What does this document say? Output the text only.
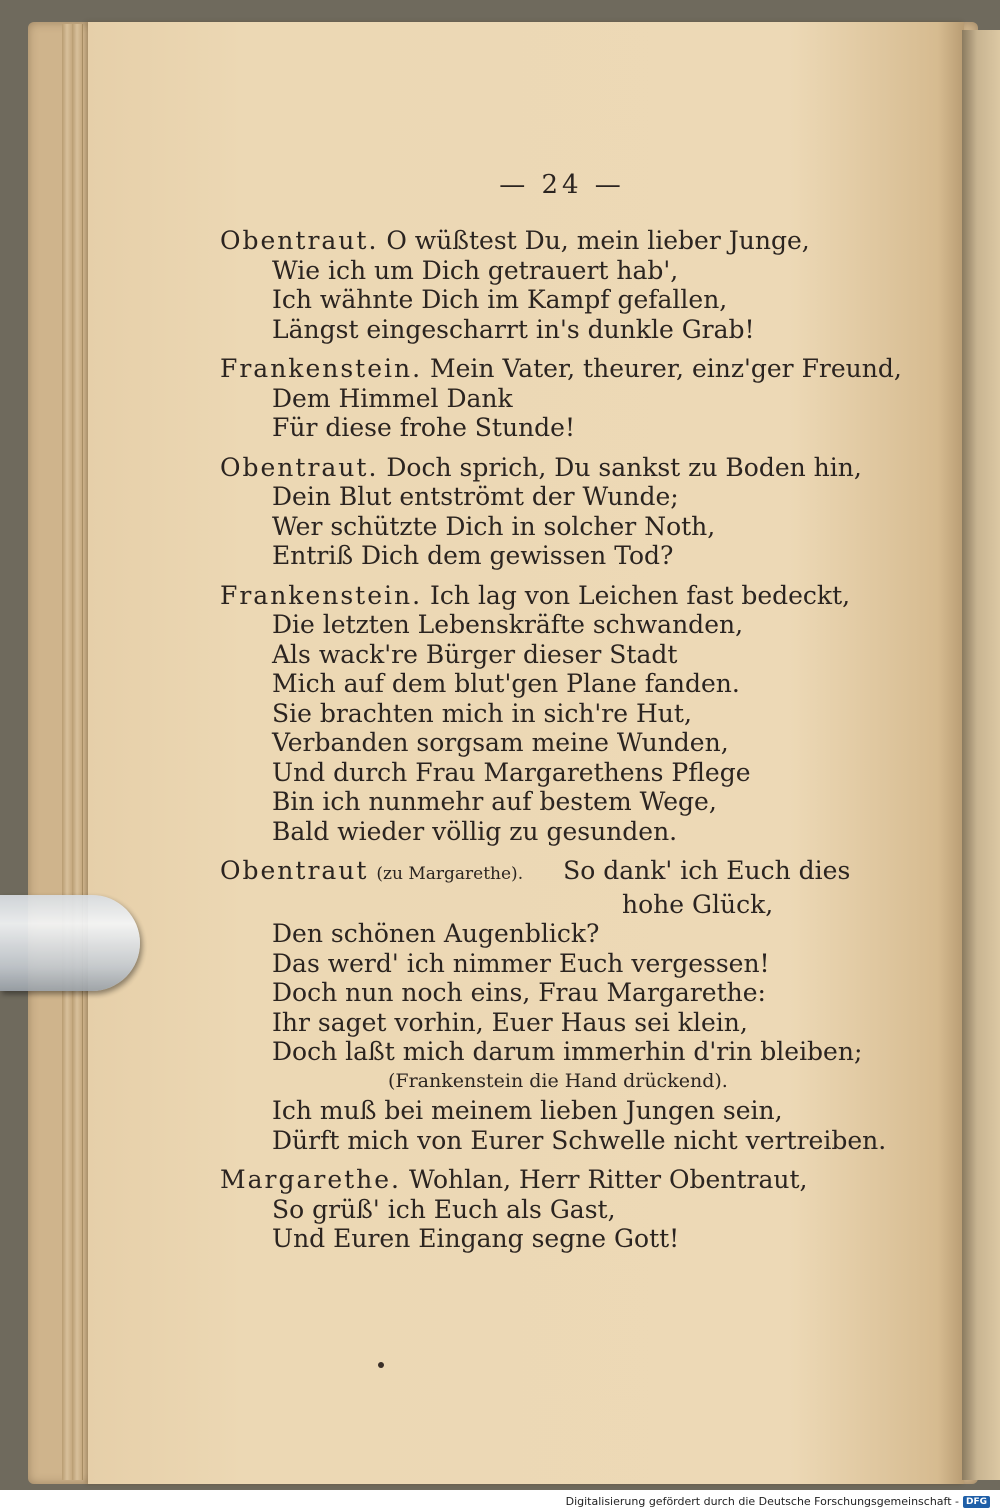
— 24 —
Obentraut. O wüßtest Du, mein lieber Junge,
Wie ich um Dich getrauert hab',
Ich wähnte Dich im Kampf gefallen,
Längst eingescharrt in's dunkle Grab!
Frankenstein. Mein Vater, theurer, einz'ger Freund,
Dem Himmel Dank
Für diese frohe Stunde!
Obentraut. Doch sprich, Du sankst zu Boden hin,
Dein Blut entströmt der Wunde;
Wer schützte Dich in solcher Noth,
Entriß Dich dem gewissen Tod?
Frankenstein. Ich lag von Leichen fast bedeckt,
Die letzten Lebenskräfte schwanden,
Als wack're Bürger dieser Stadt
Mich auf dem blut'gen Plane fanden.
Sie brachten mich in sich're Hut,
Verbanden sorgsam meine Wunden,
Und durch Frau Margarethens Pflege
Bin ich nunmehr auf bestem Wege,
Bald wieder völlig zu gesunden.
Obentraut (zu Margarethe). So dank' ich Euch dies
hohe Glück,
Den schönen Augenblick?
Das werd' ich nimmer Euch vergessen!
Doch nun noch eins, Frau Margarethe:
Ihr saget vorhin, Euer Haus sei klein,
Doch laßt mich darum immerhin d'rin bleiben;
(Frankenstein die Hand drückend).
Ich muß bei meinem lieben Jungen sein,
Dürft mich von Eurer Schwelle nicht vertreiben.
Margarethe. Wohlan, Herr Ritter Obentraut,
So grüß' ich Euch als Gast,
Und Euren Eingang segne Gott!
Digitalisierung gefördert durch die Deutsche Forschungsgemeinschaft - DFG
